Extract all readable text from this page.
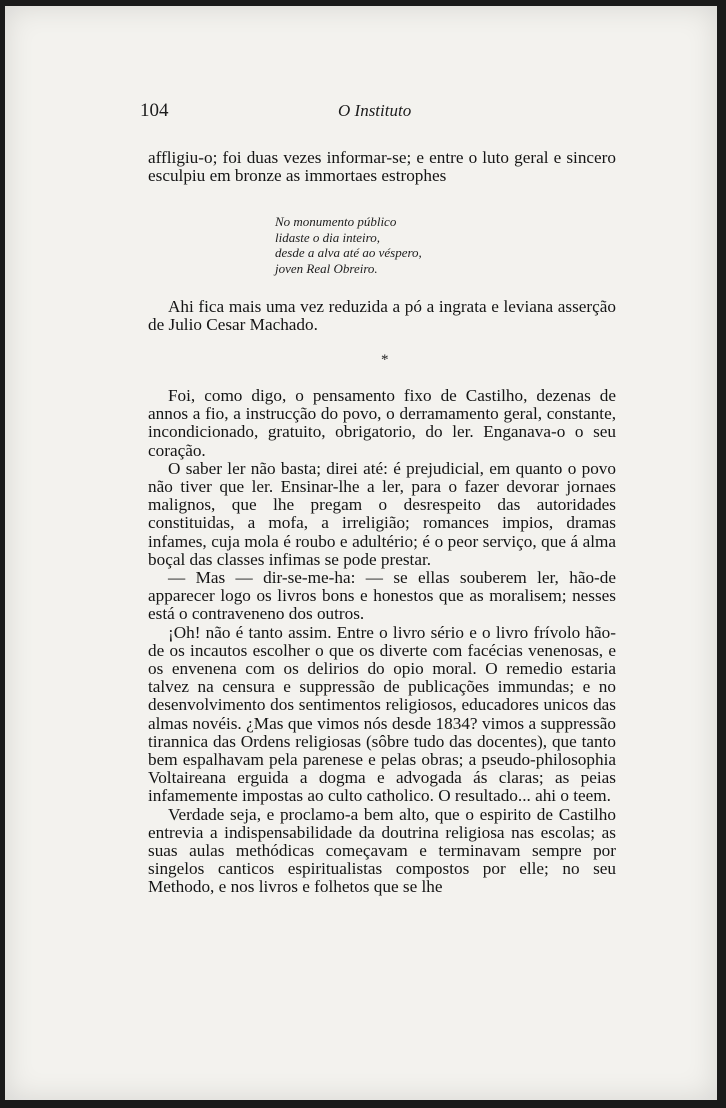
104	O Instituto

affligiu-o; foi duas vezes informar-se; e entre o luto geral e sincero esculpiu em bronze as immortaes estrophes

No monumento público
lidaste o dia inteiro,
desde a alva até ao véspero,
joven Real Obreiro.

Ahi fica mais uma vez reduzida a pó a ingrata e leviana asserção de Julio Cesar Machado.

*

Foi, como digo, o pensamento fixo de Castilho, dezenas de annos a fio, a instrucção do povo, o derramamento geral, constante, incondicionado, gratuito, obrigatorio, do ler. Enganava-o o seu coração.

O saber ler não basta; direi até: é prejudicial, em quanto o povo não tiver que ler. Ensinar-lhe a ler, para o fazer devorar jornaes malignos, que lhe pregam o desrespeito das autoridades constituidas, a mofa, a irreligião; romances impios, dramas infames, cuja mola é roubo e adultério; é o peor serviço, que á alma boçal das classes infimas se pode prestar.

— Mas — dir-se-me-ha: — se ellas souberem ler, hão-de apparecer logo os livros bons e honestos que as moralisem; nesses está o contraveneno dos outros.

¡Oh! não é tanto assim. Entre o livro sério e o livro frívolo hão-de os incautos escolher o que os diverte com facécias venenosas, e os envenena com os delirios do opio moral. O remedio estaria talvez na censura e suppressão de publicações immundas; e no desenvolvimento dos sentimentos religiosos, educadores unicos das almas novéis. ¿Mas que vimos nós desde 1834? vimos a suppressão tirannica das Ordens religiosas (sôbre tudo das docentes), que tanto bem espalhavam pela parenese e pelas obras; a pseudo-philosophia Voltaireana erguida a dogma e advogada ás claras; as peias infamemente impostas ao culto catholico. O resultado... ahi o teem.

Verdade seja, e proclamo-a bem alto, que o espirito de Castilho entrevia a indispensabilidade da doutrina religiosa nas escolas; as suas aulas methódicas começavam e terminavam sempre por singelos canticos espiritualistas compostos por elle; no seu Methodo, e nos livros e folhetos que se lhe
